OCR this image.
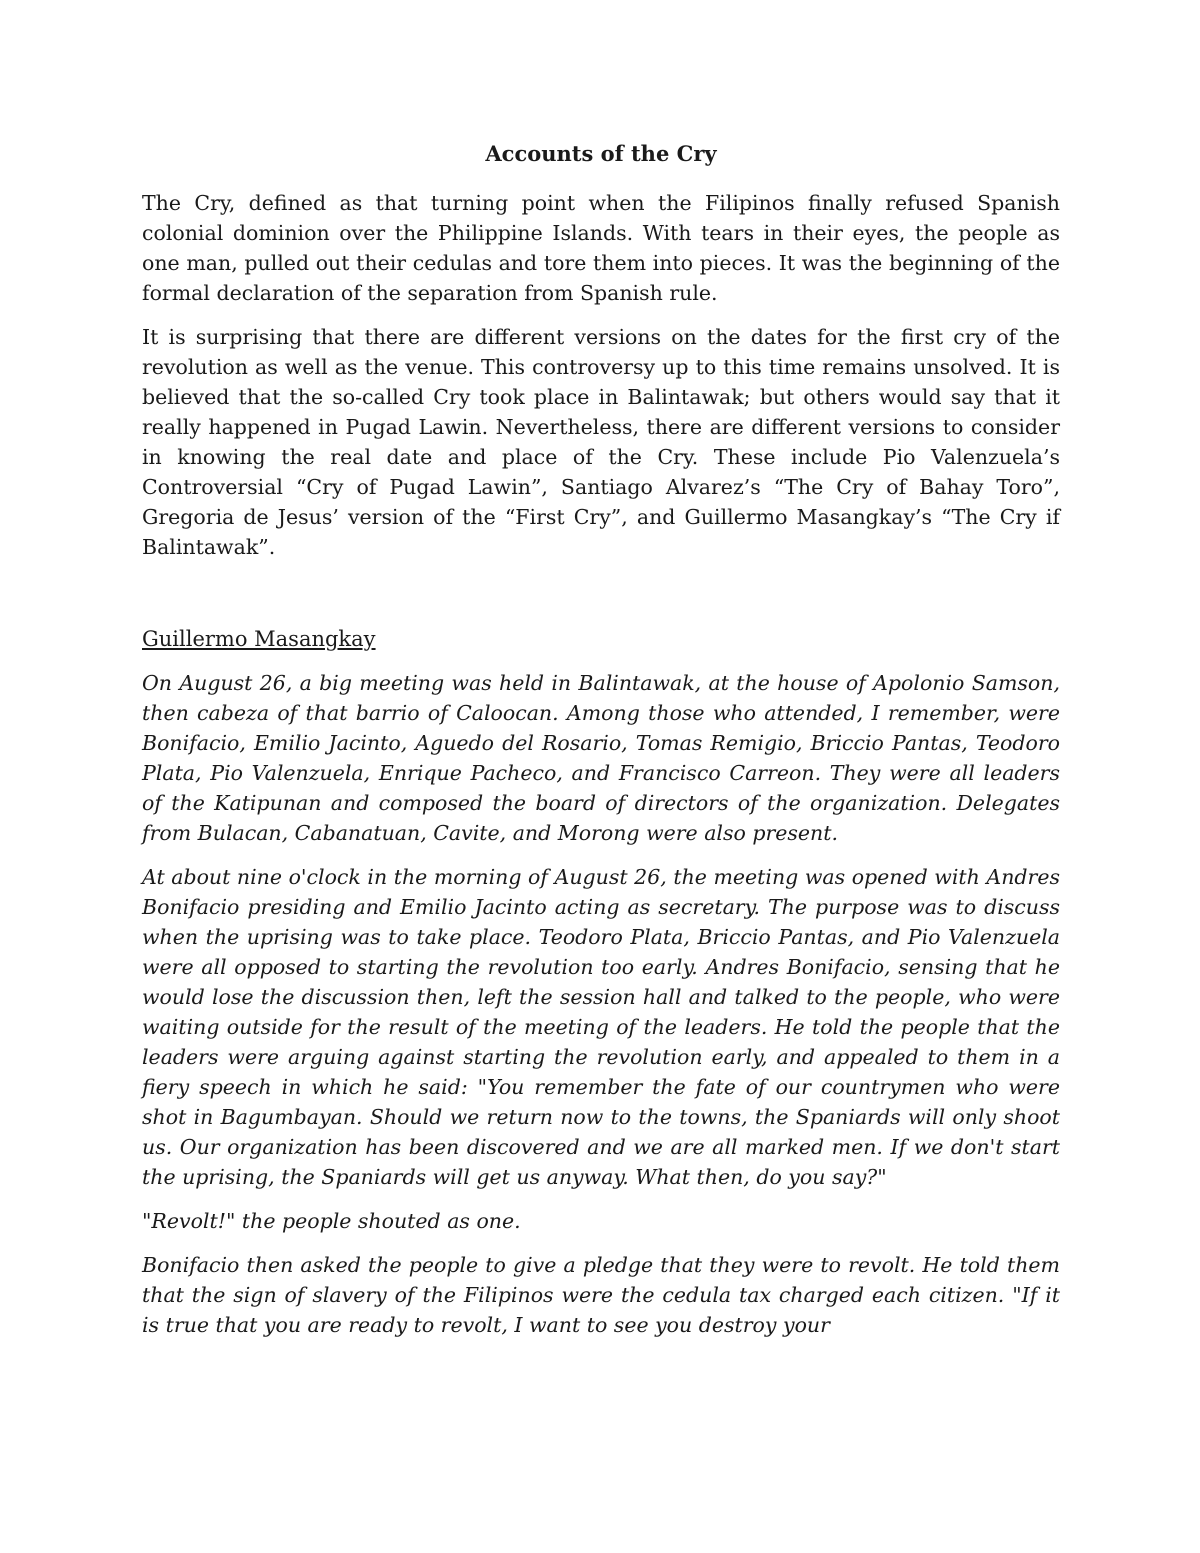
Accounts of the Cry

The Cry, defined as that turning point when the Filipinos finally refused Spanish colonial dominion over the Philippine Islands. With tears in their eyes, the people as one man, pulled out their cedulas and tore them into pieces. It was the beginning of the formal declaration of the separation from Spanish rule.

It is surprising that there are different versions on the dates for the first cry of the revolution as well as the venue. This controversy up to this time remains unsolved. It is believed that the so-called Cry took place in Balintawak; but others would say that it really happened in Pugad Lawin. Nevertheless, there are different versions to consider in knowing the real date and place of the Cry. These include Pio Valenzuela’s Controversial “Cry of Pugad Lawin”, Santiago Alvarez’s “The Cry of Bahay Toro”, Gregoria de Jesus’ version of the “First Cry”, and Guillermo Masangkay’s “The Cry if Balintawak”.

Guillermo Masangkay

On August 26, a big meeting was held in Balintawak, at the house of Apolonio Samson, then cabeza of that barrio of Caloocan. Among those who attended, I remember, were Bonifacio, Emilio Jacinto, Aguedo del Rosario, Tomas Remigio, Briccio Pantas, Teodoro Plata, Pio Valenzuela, Enrique Pacheco, and Francisco Carreon. They were all leaders of the Katipunan and composed the board of directors of the organization. Delegates from Bulacan, Cabanatuan, Cavite, and Morong were also present.

At about nine o'clock in the morning of August 26, the meeting was opened with Andres Bonifacio presiding and Emilio Jacinto acting as secretary. The purpose was to discuss when the uprising was to take place. Teodoro Plata, Briccio Pantas, and Pio Valenzuela were all opposed to starting the revolution too early. Andres Bonifacio, sensing that he would lose the discussion then, left the session hall and talked to the people, who were waiting outside for the result of the meeting of the leaders. He told the people that the leaders were arguing against starting the revolution early, and appealed to them in a fiery speech in which he said: "You remember the fate of our countrymen who were shot in Bagumbayan. Should we return now to the towns, the Spaniards will only shoot us. Our organization has been discovered and we are all marked men. If we don't start the uprising, the Spaniards will get us anyway. What then, do you say?"

"Revolt!" the people shouted as one.

Bonifacio then asked the people to give a pledge that they were to revolt. He told them that the sign of slavery of the Filipinos were the cedula tax charged each citizen. "If it is true that you are ready to revolt, I want to see you destroy your
